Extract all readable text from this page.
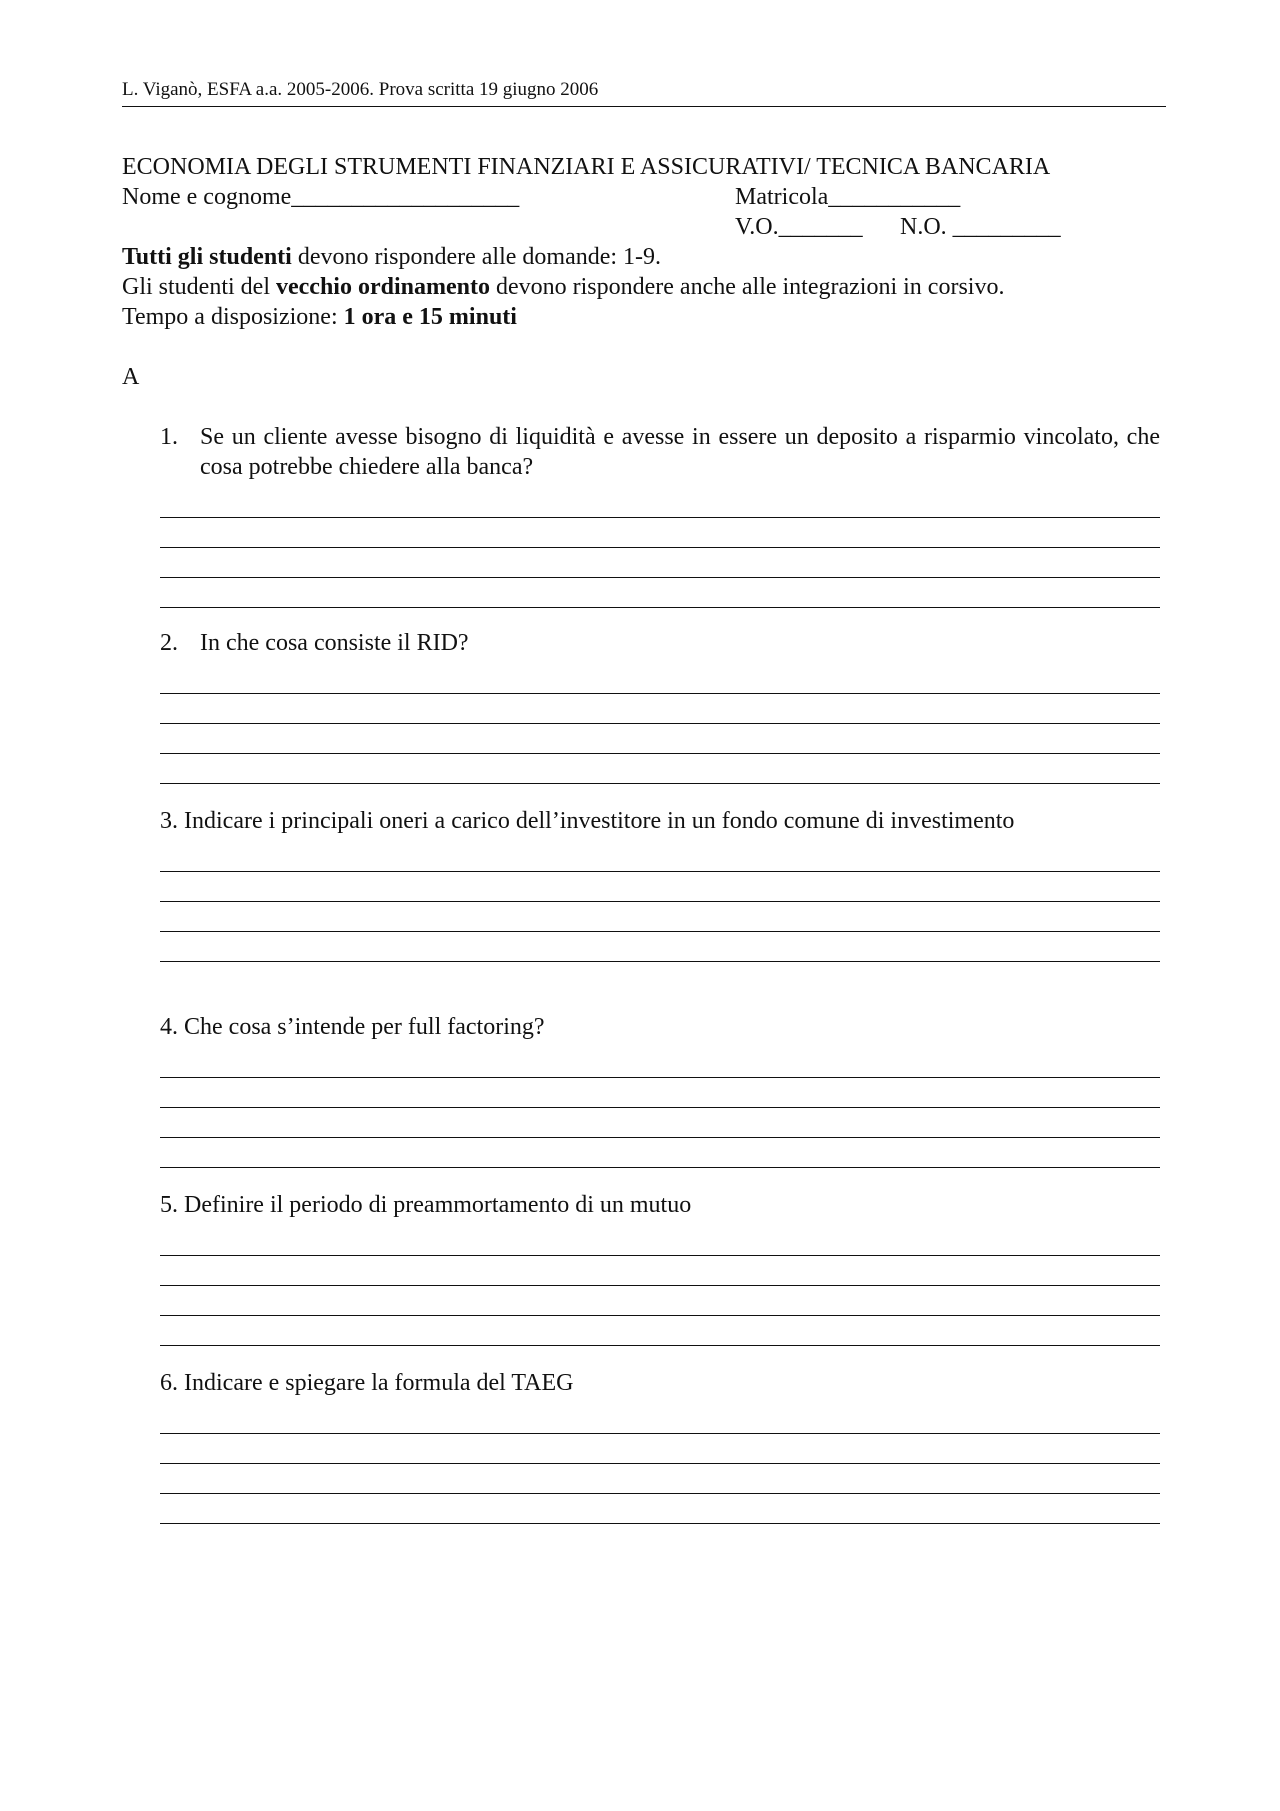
L. Viganò, ESFA a.a. 2005-2006. Prova scritta 19 giugno 2006
ECONOMIA DEGLI STRUMENTI FINANZIARI E ASSICURATIVI/ TECNICA BANCARIA
Nome e cognome___________________	Matricola___________
V.O._______ N.O. _________
Tutti gli studenti devono rispondere alle domande: 1-9.
Gli studenti del vecchio ordinamento devono rispondere anche alle integrazioni in corsivo.
Tempo a disposizione: 1 ora e 15 minuti
A
1. Se un cliente avesse bisogno di liquidità e avesse in essere un deposito a risparmio vincolato, che cosa potrebbe chiedere alla banca?
2. In che cosa consiste il RID?
3.
Indicare i principali oneri a carico dell’investitore in un fondo comune di investimento
4.
Che cosa s’intende per full factoring?
5.
Definire il periodo di preammortamento di un mutuo
6.
Indicare e spiegare la formula del TAEG
